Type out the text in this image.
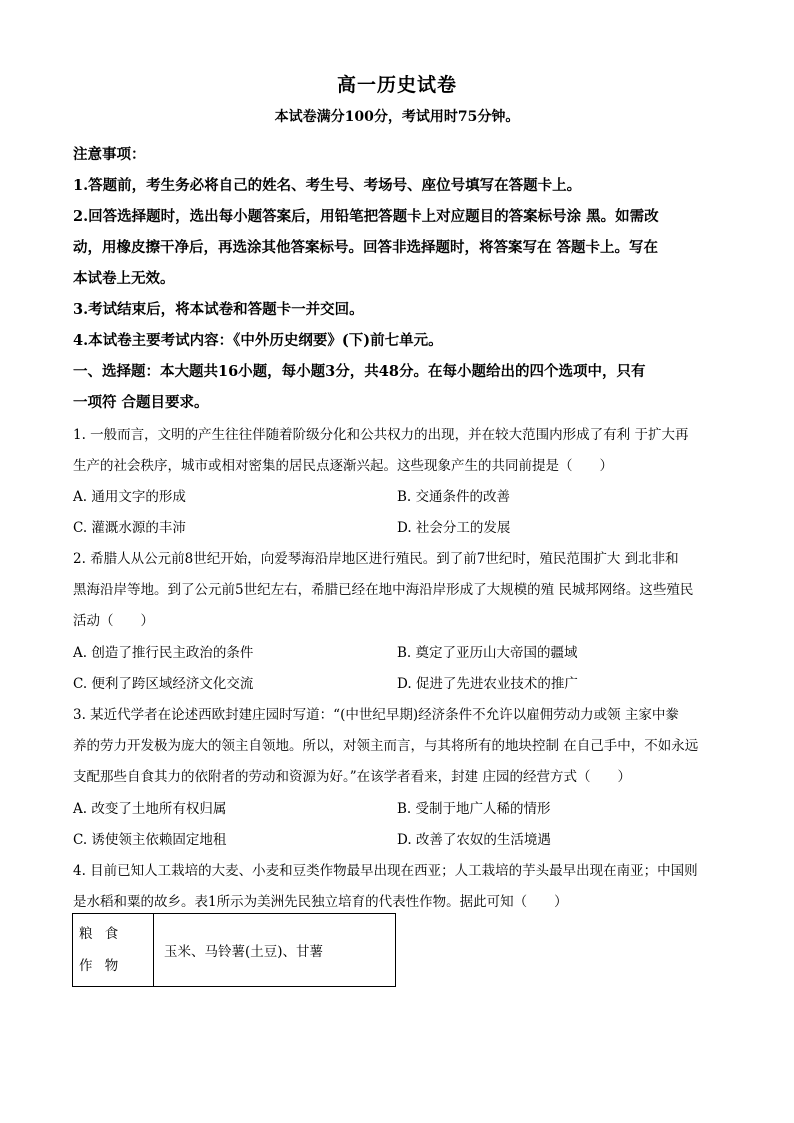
高一历史试卷
本试卷满分100分，考试用时75分钟。
注意事项：
1.答题前，考生务必将自己的姓名、考生号、考场号、座位号填写在答题卡上。
2.回答选择题时，选出每小题答案后，用铅笔把答题卡上对应题目的答案标号涂 黑。如需改
动，用橡皮擦干净后，再选涂其他答案标号。回答非选择题时，将答案写在 答题卡上。写在
本试卷上无效。
3.考试结束后，将本试卷和答题卡一并交回。
4.本试卷主要考试内容：《中外历史纲要》(下)前七单元。
一、选择题：本大题共16小题，每小题3分，共48分。在每小题给出的四个选项中，只有
一项符 合题目要求。
1. 一般而言，文明的产生往往伴随着阶级分化和公共权力的出现，并在较大范围内形成了有利 于扩大再
生产的社会秩序，城市或相对密集的居民点逐渐兴起。这些现象产生的共同前提是（　　）
A. 通用文字的形成	B. 交通条件的改善
C. 灌溉水源的丰沛	D. 社会分工的发展
2. 希腊人从公元前8世纪开始，向爱琴海沿岸地区进行殖民。到了前7世纪时，殖民范围扩大 到北非和
黑海沿岸等地。到了公元前5世纪左右，希腊已经在地中海沿岸形成了大规模的殖 民城邦网络。这些殖民
活动（　　）
A. 创造了推行民主政治的条件	B. 奠定了亚历山大帝国的疆域
C. 便利了跨区域经济文化交流	D. 促进了先进农业技术的推广
3. 某近代学者在论述西欧封建庄园时写道：“(中世纪早期)经济条件不允许以雇佣劳动力或领 主家中豢
养的劳力开发极为庞大的领主自领地。所以，对领主而言，与其将所有的地块控制 在自己手中，不如永远
支配那些自食其力的依附者的劳动和资源为好。”在该学者看来，封建 庄园的经营方式（　　）
A. 改变了土地所有权归属	B. 受制于地广人稀的情形
C. 诱使领主依赖固定地租	D. 改善了农奴的生活境遇
4. 目前已知人工栽培的大麦、小麦和豆类作物最早出现在西亚；人工栽培的芋头最早出现在南亚；中国则
是水稻和粟的故乡。表1所示为美洲先民独立培育的代表性作物。据此可知（　　）
粮 食 作 物	玉米、马铃薯(土豆)、甘薯
